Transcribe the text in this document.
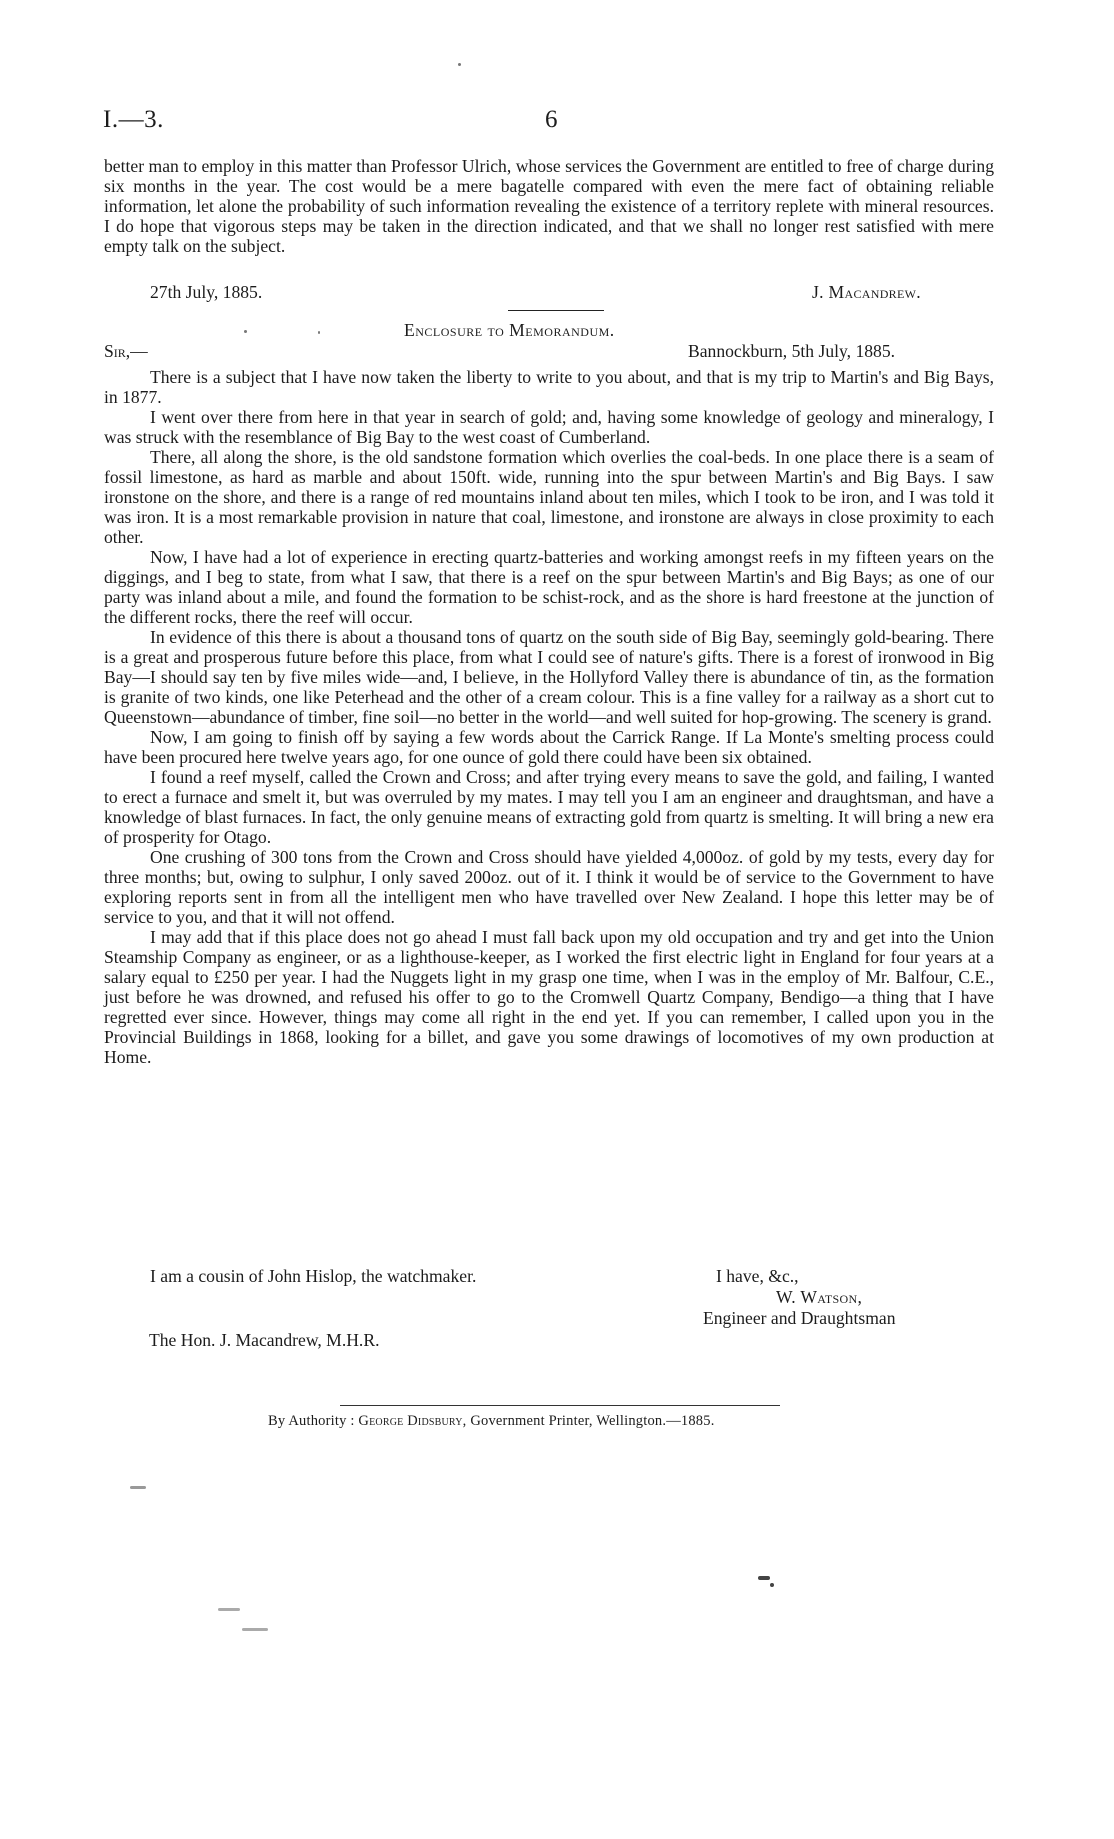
I.—3.	6

better man to employ in this matter than Professor Ulrich, whose services the Government are entitled to free of charge during six months in the year. The cost would be a mere bagatelle compared with even the mere fact of obtaining reliable information, let alone the probability of such information revealing the existence of a territory replete with mineral resources. I do hope that vigorous steps may be taken in the direction indicated, and that we shall no longer rest satisfied with mere empty talk on the subject.

27th July, 1885.	J. Macandrew.
Enclosure to Memorandum.
Sir,—	Bannockburn, 5th July, 1885.

There is a subject that I have now taken the liberty to write to you about, and that is my trip to Martin's and Big Bays, in 1877.

I went over there from here in that year in search of gold; and, having some knowledge of geology and mineralogy, I was struck with the resemblance of Big Bay to the west coast of Cumberland.

There, all along the shore, is the old sandstone formation which overlies the coal-beds. In one place there is a seam of fossil limestone, as hard as marble and about 150ft. wide, running into the spur between Martin's and Big Bays. I saw ironstone on the shore, and there is a range of red mountains inland about ten miles, which I took to be iron, and I was told it was iron. It is a most remarkable provision in nature that coal, limestone, and ironstone are always in close proximity to each other.

Now, I have had a lot of experience in erecting quartz-batteries and working amongst reefs in my fifteen years on the diggings, and I beg to state, from what I saw, that there is a reef on the spur between Martin's and Big Bays; as one of our party was inland about a mile, and found the formation to be schist-rock, and as the shore is hard freestone at the junction of the different rocks, there the reef will occur.

In evidence of this there is about a thousand tons of quartz on the south side of Big Bay, seemingly gold-bearing. There is a great and prosperous future before this place, from what I could see of nature's gifts. There is a forest of ironwood in Big Bay—I should say ten by five miles wide—and, I believe, in the Hollyford Valley there is abundance of tin, as the formation is granite of two kinds, one like Peterhead and the other of a cream colour. This is a fine valley for a railway as a short cut to Queenstown—abundance of timber, fine soil—no better in the world—and well suited for hop-growing. The scenery is grand.

Now, I am going to finish off by saying a few words about the Carrick Range. If La Monte's smelting process could have been procured here twelve years ago, for one ounce of gold there could have been six obtained.

I found a reef myself, called the Crown and Cross; and after trying every means to save the gold, and failing, I wanted to erect a furnace and smelt it, but was overruled by my mates. I may tell you I am an engineer and draughtsman, and have a knowledge of blast furnaces. In fact, the only genuine means of extracting gold from quartz is smelting. It will bring a new era of prosperity for Otago.

One crushing of 300 tons from the Crown and Cross should have yielded 4,000oz. of gold by my tests, every day for three months; but, owing to sulphur, I only saved 200oz. out of it. I think it would be of service to the Government to have exploring reports sent in from all the intelligent men who have travelled over New Zealand. I hope this letter may be of service to you, and that it will not offend.

I may add that if this place does not go ahead I must fall back upon my old occupation and try and get into the Union Steamship Company as engineer, or as a lighthouse-keeper, as I worked the first electric light in England for four years at a salary equal to £250 per year. I had the Nuggets light in my grasp one time, when I was in the employ of Mr. Balfour, C.E., just before he was drowned, and refused his offer to go to the Cromwell Quartz Company, Bendigo—a thing that I have regretted ever since. However, things may come all right in the end yet. If you can remember, I called upon you in the Provincial Buildings in 1868, looking for a billet, and gave you some drawings of locomotives of my own production at Home.

I am a cousin of John Hislop, the watchmaker.	I have, &c.,
W. Watson,
Engineer and Draughtsman
The Hon. J. Macandrew, M.H.R.
By Authority : George Didsbury, Government Printer, Wellington.—1885.
